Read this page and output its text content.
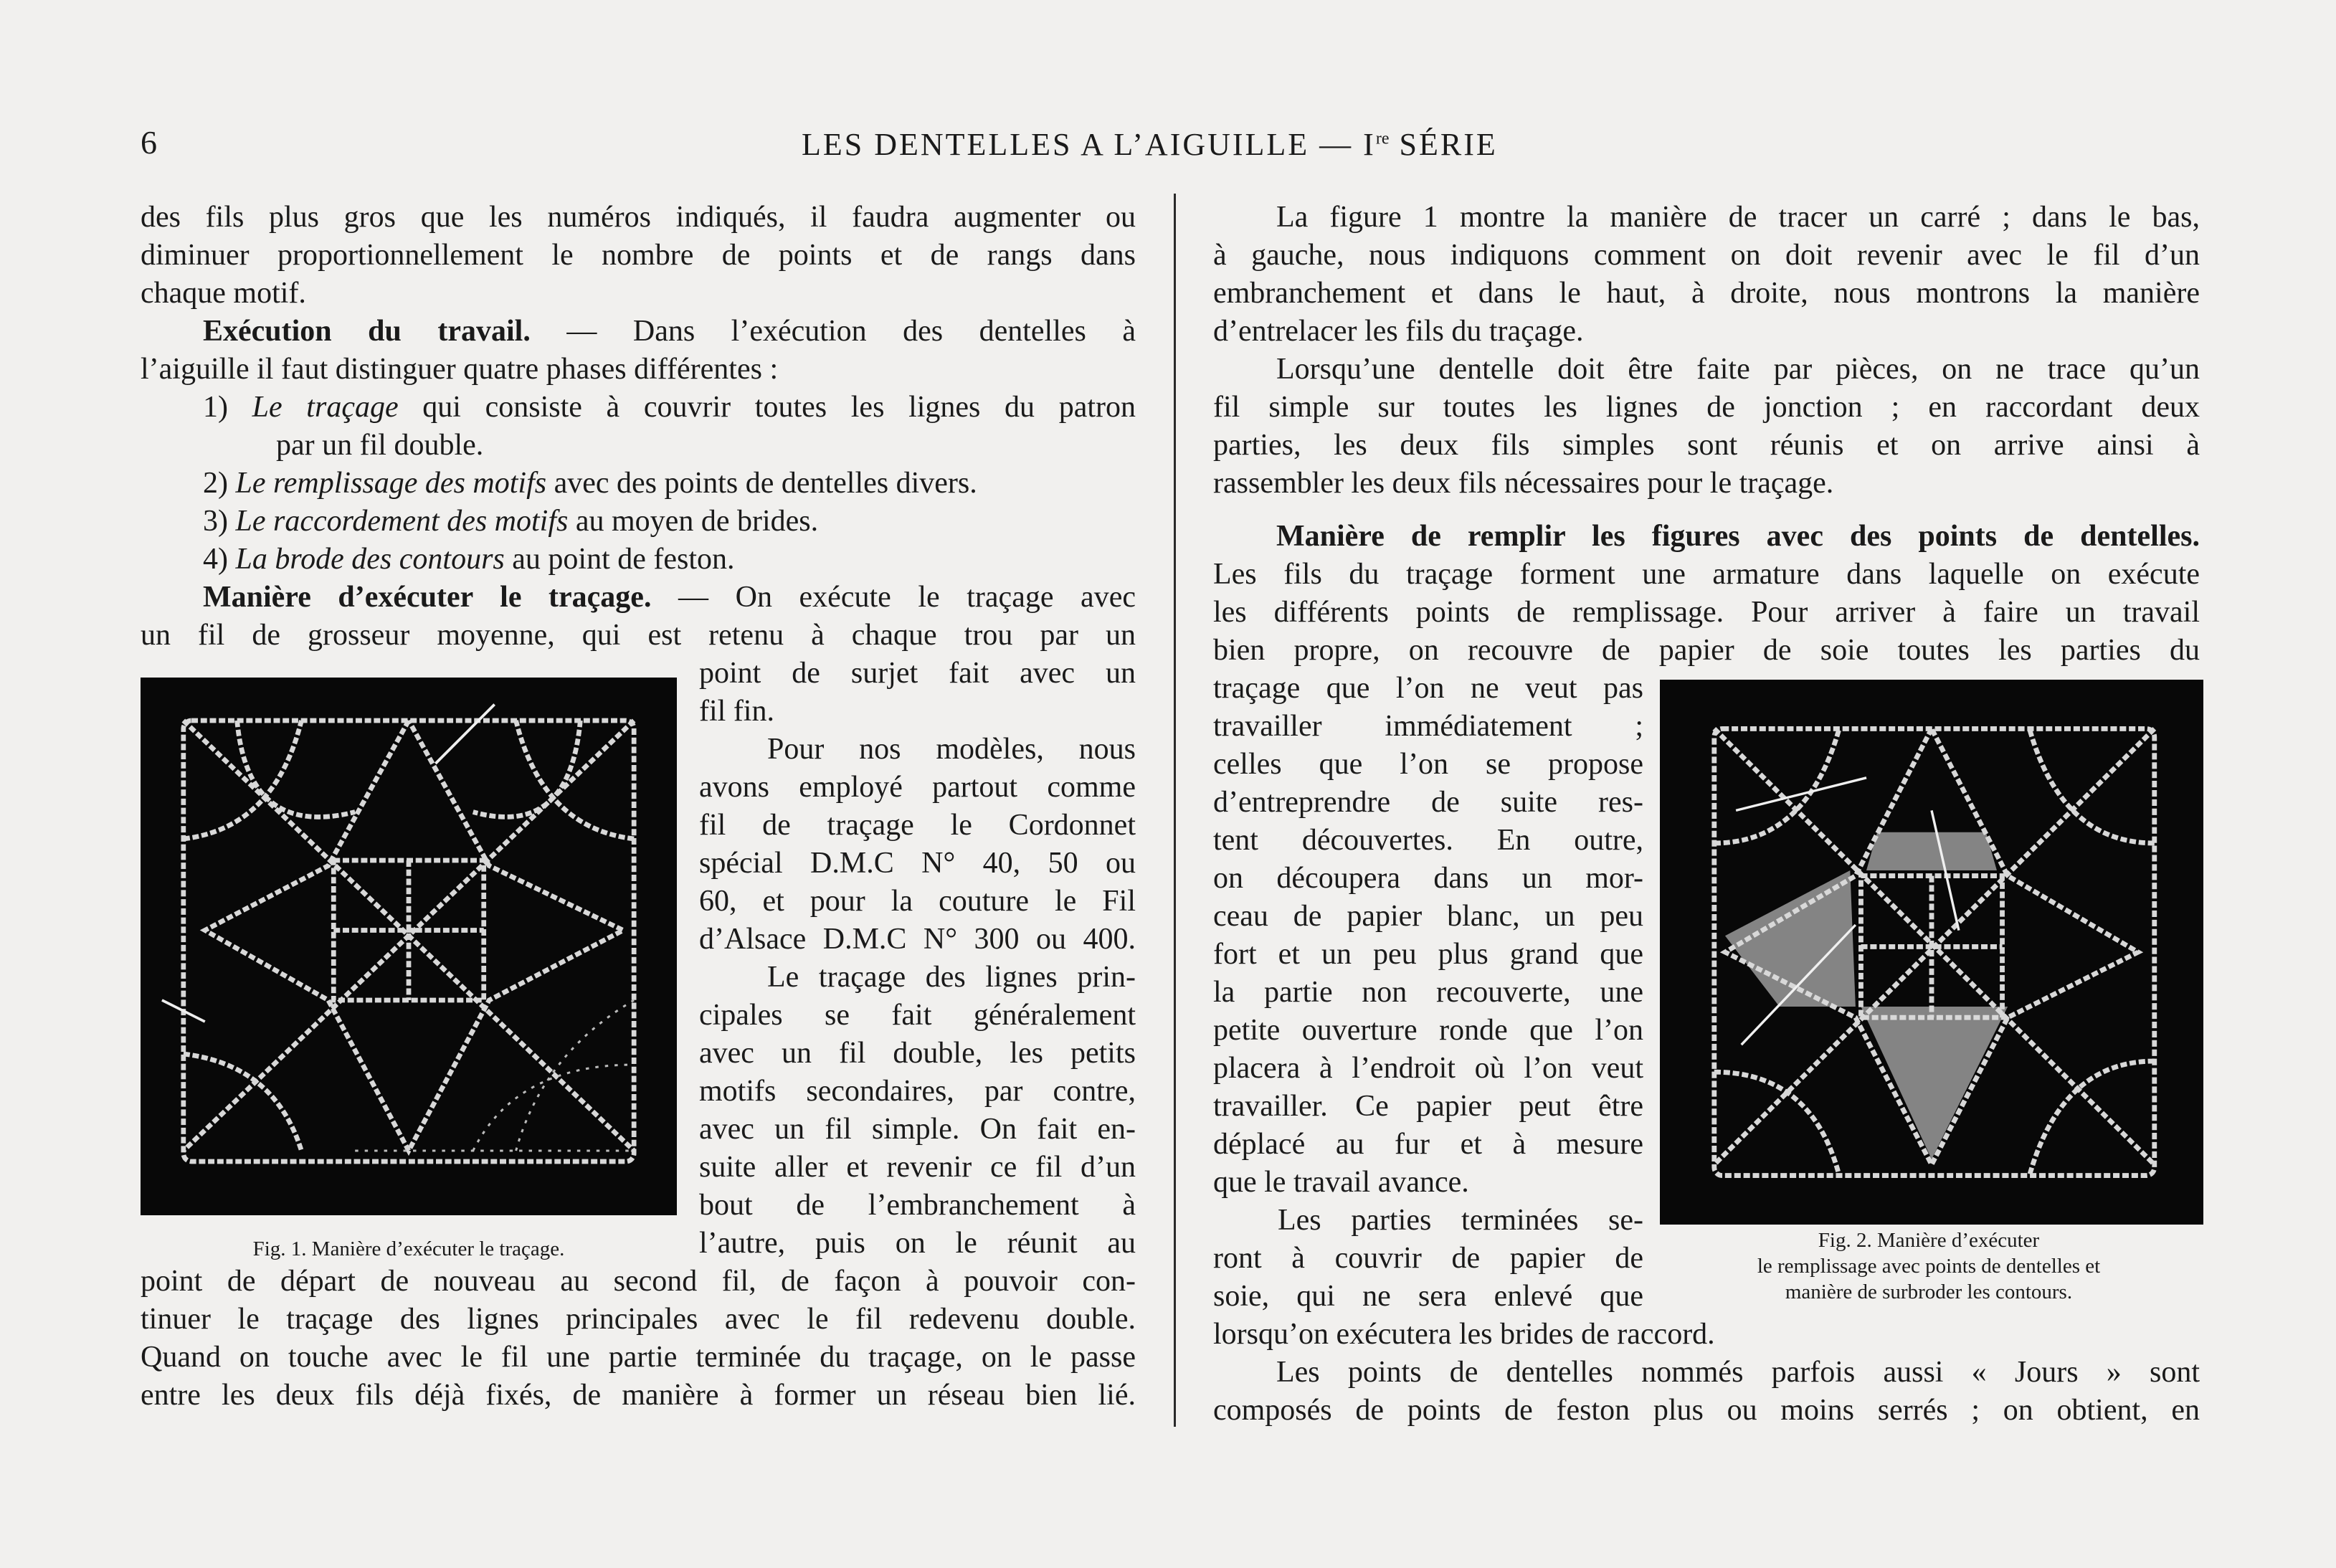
6	LES DENTELLES A L’AIGUILLE — Ire SÉRIE
des fils plus gros que les numéros indiqués, il faudra augmenter ou
diminuer proportionnellement le nombre de points et de rangs dans
chaque motif.
Exécution du travail. — Dans l’exécution des dentelles à
l’aiguille il faut distinguer quatre phases différentes :
1) Le traçage qui consiste à couvrir toutes les lignes du patron
par un fil double.
2) Le remplissage des motifs avec des points de dentelles divers.
3) Le raccordement des motifs au moyen de brides.
4) La brode des contours au point de feston.
Manière d’exécuter le traçage. — On exécute le traçage avec
un fil de grosseur moyenne, qui est retenu à chaque trou par un
Fig. 1. Manière d’exécuter le traçage.
point de surjet fait avec un
fil fin.
Pour nos modèles, nous
avons employé partout comme
fil de traçage le Cordonnet
spécial D.M.C N° 40, 50 ou
60, et pour la couture le Fil
d’Alsace D.M.C N° 300 ou 400.
Le traçage des lignes prin-
cipales se fait généralement
avec un fil double, les petits
motifs secondaires, par contre,
avec un fil simple. On fait en-
suite aller et revenir ce fil d’un
bout de l’embranchement à
l’autre, puis on le réunit au
point de départ de nouveau au second fil, de façon à pouvoir con-
tinuer le traçage des lignes principales avec le fil redevenu double.
Quand on touche avec le fil une partie terminée du traçage, on le passe
entre les deux fils déjà fixés, de manière à former un réseau bien lié.
La figure 1 montre la manière de tracer un carré ; dans le bas,
à gauche, nous indiquons comment on doit revenir avec le fil d’un
embranchement et dans le haut, à droite, nous montrons la manière
d’entrelacer les fils du traçage.
Lorsqu’une dentelle doit être faite par pièces, on ne trace qu’un
fil simple sur toutes les lignes de jonction ; en raccordant deux
parties, les deux fils simples sont réunis et on arrive ainsi à
rassembler les deux fils nécessaires pour le traçage.
Manière de remplir les figures avec des points de dentelles.
Les fils du traçage forment une armature dans laquelle on exécute
les différents points de remplissage. Pour arriver à faire un travail
bien propre, on recouvre de papier de soie toutes les parties du
traçage que l’on ne veut pas
travailler immédiatement ;
celles que l’on se propose
d’entreprendre de suite res-
tent découvertes. En outre,
on découpera dans un mor-
ceau de papier blanc, un peu
fort et un peu plus grand que
la partie non recouverte, une
petite ouverture ronde que l’on
placera à l’endroit où l’on veut
travailler. Ce papier peut être
déplacé au fur et à mesure
que le travail avance.
Les parties terminées se-
ront à couvrir de papier de
soie, qui ne sera enlevé que
Fig. 2. Manière d’exécuter
le remplissage avec points de dentelles et
manière de surbroder les contours.
lorsqu’on exécutera les brides de raccord.
Les points de dentelles nommés parfois aussi « Jours » sont
composés de points de feston plus ou moins serrés ; on obtient, en
